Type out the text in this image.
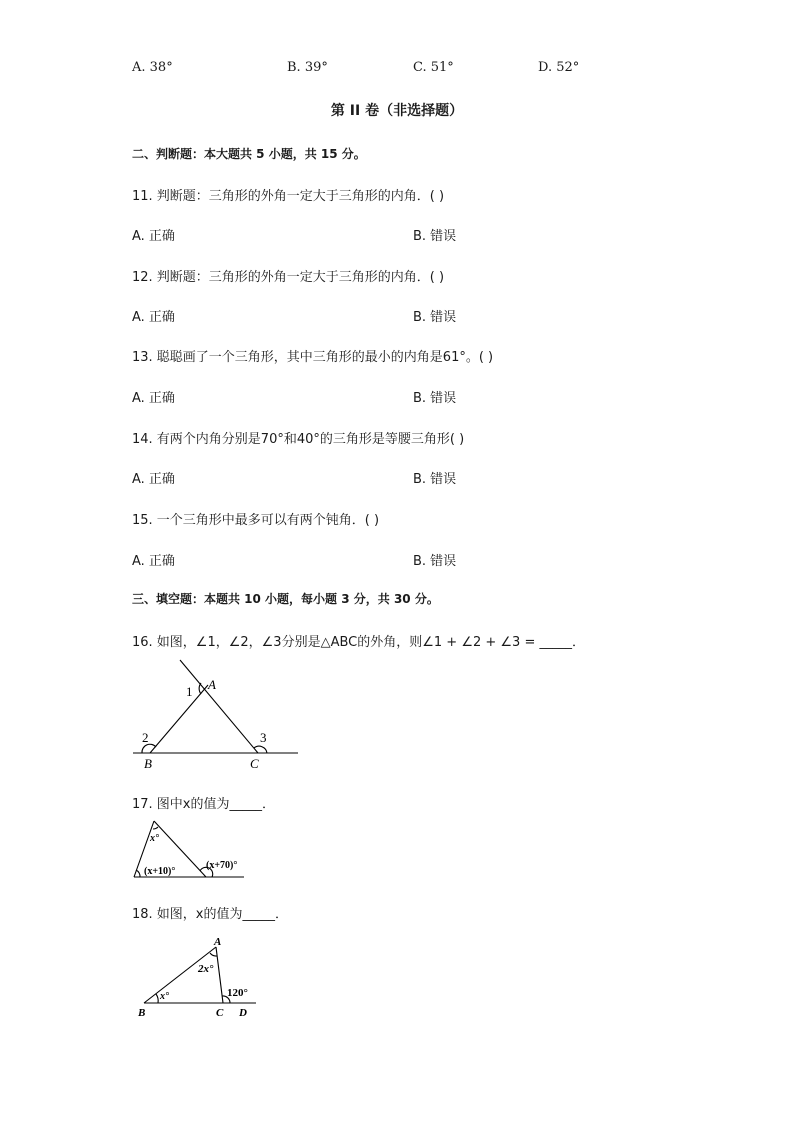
A. 38°	B. 39°	C. 51°	D. 52°
第 II 卷（非选择题）
二、判断题：本大题共 5 小题，共 15 分。
11. 判断题：三角形的外角一定大于三角形的内角．( )
A. 正确	B. 错误
12. 判断题：三角形的外角一定大于三角形的内角．( )
A. 正确	B. 错误
13. 聪聪画了一个三角形，其中三角形的最小的内角是61°。( )
A. 正确	B. 错误
14. 有两个内角分别是70°和40°的三角形是等腰三角形( )
A. 正确	B. 错误
15. 一个三角形中最多可以有两个钝角．( )
A. 正确	B. 错误
三、填空题：本题共 10 小题，每小题 3 分，共 30 分。
16. 如图，∠1，∠2，∠3分别是△ABC的外角，则∠1 + ∠2 + ∠3 = _____．
1 A
2	3
B	C
17. 图中x的值为_____．
x°
(x+10)°
(x+70)°
18. 如图，x的值为_____．
A
2x°
x°	120°
B	C D
